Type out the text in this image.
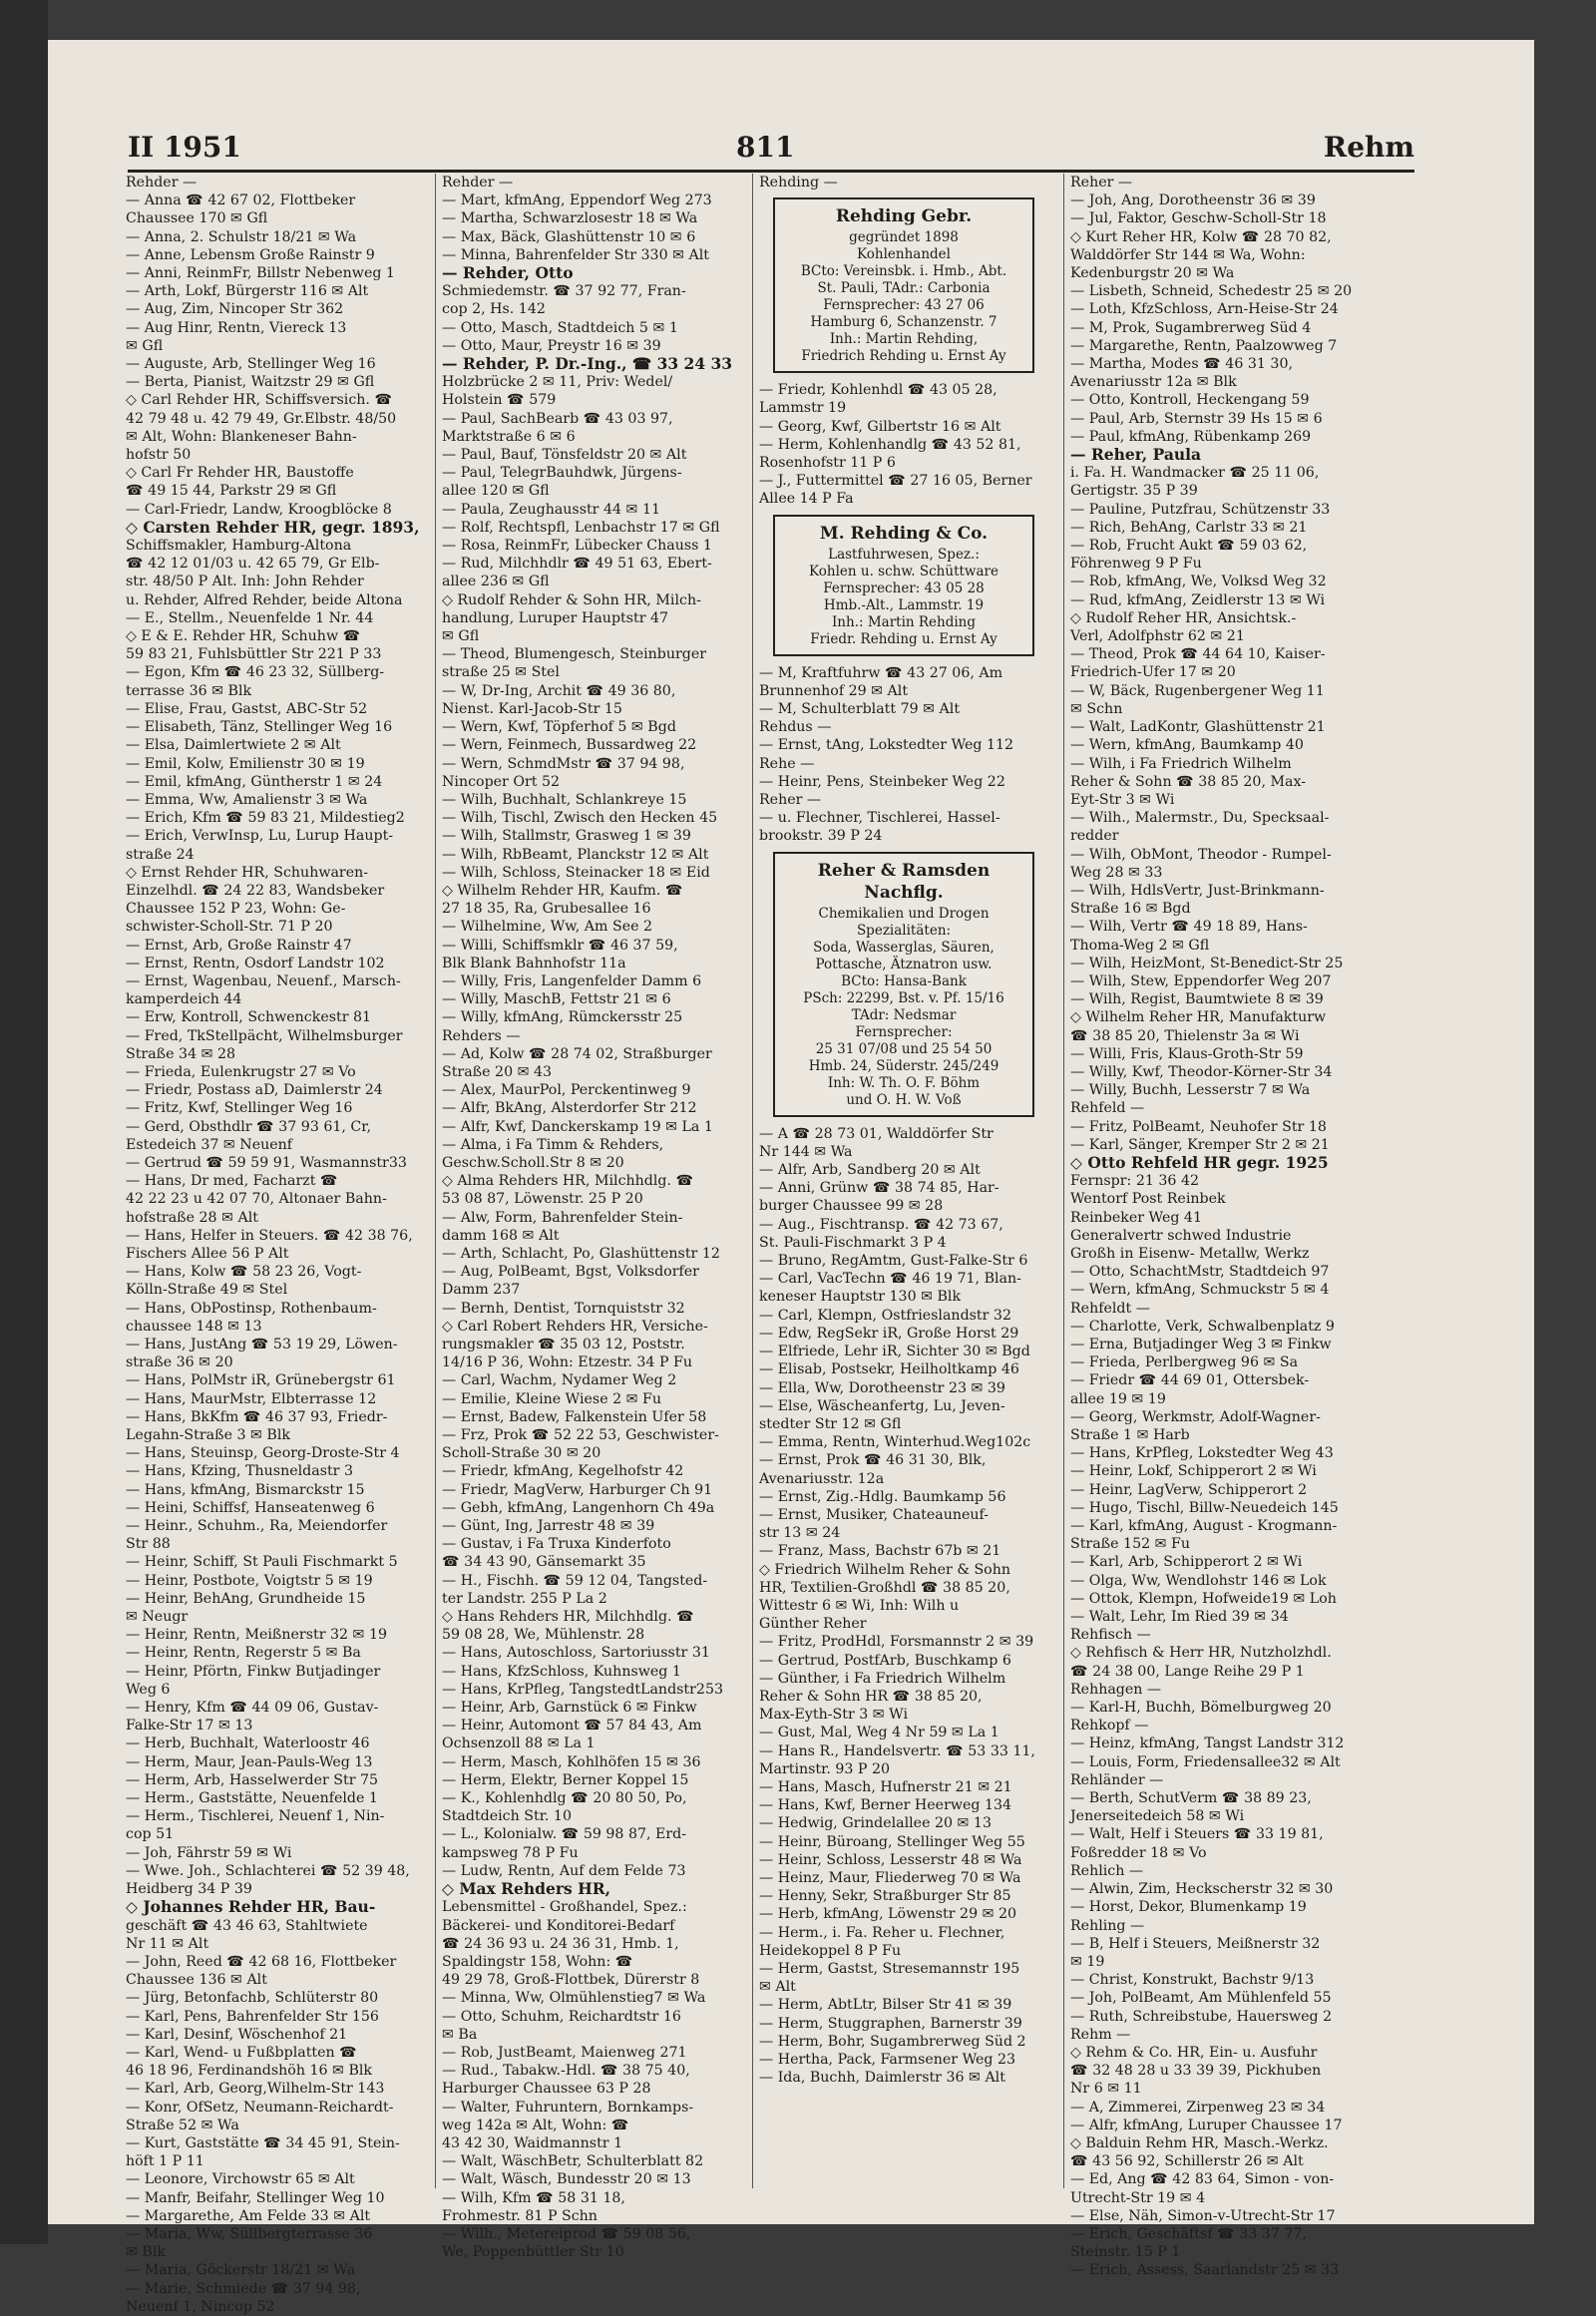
II 1951	811	Rehm
Rehder —
— Anna ☎ 42 67 02, Flottbeker
Chaussee 170 ✉ Gfl
— Anna, 2. Schulstr 18/21 ✉ Wa
— Anne, Lebensm Große Rainstr 9
— Anni, ReinmFr, Billstr Nebenweg 1
— Arth, Lokf, Bürgerstr 116 ✉ Alt
— Aug, Zim, Nincoper Str 362
— Aug Hinr, Rentn, Viereck 13
✉ Gfl
— Auguste, Arb, Stellinger Weg 16
— Berta, Pianist, Waitzstr 29 ✉ Gfl
◇ Carl Rehder HR, Schiffsversich. ☎
42 79 48 u. 42 79 49, Gr.Elbstr. 48/50
✉ Alt, Wohn: Blankeneser Bahn-
hofstr 50
◇ Carl Fr Rehder HR, Baustoffe
☎ 49 15 44, Parkstr 29 ✉ Gfl
— Carl-Friedr, Landw, Kroogblöcke 8
◇ Carsten Rehder HR, gegr. 1893,
Schiffsmakler, Hamburg-Altona
☎ 42 12 01/03 u. 42 65 79, Gr Elb-
str. 48/50 P Alt. Inh: John Rehder
u. Rehder, Alfred Rehder, beide Altona
— E., Stellm., Neuenfelde 1 Nr. 44
◇ E & E. Rehder HR, Schuhw ☎
59 83 21, Fuhlsbüttler Str 221 P 33
— Egon, Kfm ☎ 46 23 32, Süllberg-
terrasse 36 ✉ Blk
— Elise, Frau, Gastst, ABC-Str 52
— Elisabeth, Tänz, Stellinger Weg 16
— Elsa, Daimlertwiete 2 ✉ Alt
— Emil, Kolw, Emilienstr 30 ✉ 19
— Emil, kfmAng, Güntherstr 1 ✉ 24
— Emma, Ww, Amalienstr 3 ✉ Wa
— Erich, Kfm ☎ 59 83 21, Mildestieg2
— Erich, VerwInsp, Lu, Lurup Haupt-
straße 24
◇ Ernst Rehder HR, Schuhwaren-
Einzelhdl. ☎ 24 22 83, Wandsbeker
Chaussee 152 P 23, Wohn: Ge-
schwister-Scholl-Str. 71 P 20
— Ernst, Arb, Große Rainstr 47
— Ernst, Rentn, Osdorf Landstr 102
— Ernst, Wagenbau, Neuenf., Marsch-
kamperdeich 44
— Erw, Kontroll, Schwenckestr 81
— Fred, TkStellpächt, Wilhelmsburger
Straße 34 ✉ 28
— Frieda, Eulenkrugstr 27 ✉ Vo
— Friedr, Postass aD, Daimlerstr 24
— Fritz, Kwf, Stellinger Weg 16
— Gerd, Obsthdlr ☎ 37 93 61, Cr,
Estedeich 37 ✉ Neuenf
— Gertrud ☎ 59 59 91, Wasmannstr33
— Hans, Dr med, Facharzt ☎
42 22 23 u 42 07 70, Altonaer Bahn-
hofstraße 28 ✉ Alt
— Hans, Helfer in Steuers. ☎ 42 38 76,
Fischers Allee 56 P Alt
— Hans, Kolw ☎ 58 23 26, Vogt-
Kölln-Straße 49 ✉ Stel
— Hans, ObPostinsp, Rothenbaum-
chaussee 148 ✉ 13
— Hans, JustAng ☎ 53 19 29, Löwen-
straße 36 ✉ 20
— Hans, PolMstr iR, Grünebergstr 61
— Hans, MaurMstr, Elbterrasse 12
— Hans, BkKfm ☎ 46 37 93, Friedr-
Legahn-Straße 3 ✉ Blk
— Hans, Steuinsp, Georg-Droste-Str 4
— Hans, Kfzing, Thusneldastr 3
— Hans, kfmAng, Bismarckstr 15
— Heini, Schiffsf, Hanseatenweg 6
— Heinr., Schuhm., Ra, Meiendorfer
Str 88
— Heinr, Schiff, St Pauli Fischmarkt 5
— Heinr, Postbote, Voigtstr 5 ✉ 19
— Heinr, BehAng, Grundheide 15
✉ Neugr
— Heinr, Rentn, Meißnerstr 32 ✉ 19
— Heinr, Rentn, Regerstr 5 ✉ Ba
— Heinr, Pförtn, Finkw Butjadinger
Weg 6
— Henry, Kfm ☎ 44 09 06, Gustav-
Falke-Str 17 ✉ 13
— Herb, Buchhalt, Waterloostr 46
— Herm, Maur, Jean-Pauls-Weg 13
— Herm, Arb, Hasselwerder Str 75
— Herm., Gaststätte, Neuenfelde 1
— Herm., Tischlerei, Neuenf 1, Nin-
cop 51
— Joh, Fährstr 59 ✉ Wi
— Wwe. Joh., Schlachterei ☎ 52 39 48,
Heidberg 34 P 39
◇ Johannes Rehder HR, Bau-
geschäft ☎ 43 46 63, Stahltwiete
Nr 11 ✉ Alt
— John, Reed ☎ 42 68 16, Flottbeker
Chaussee 136 ✉ Alt
— Jürg, Betonfachb, Schlüterstr 80
— Karl, Pens, Bahrenfelder Str 156
— Karl, Desinf, Wöschenhof 21
— Karl, Wend- u Fußbplatten ☎
46 18 96, Ferdinandshöh 16 ✉ Blk
— Karl, Arb, Georg,Wilhelm-Str 143
— Konr, OfSetz, Neumann-Reichardt-
Straße 52 ✉ Wa
— Kurt, Gaststätte ☎ 34 45 91, Stein-
höft 1 P 11
— Leonore, Virchowstr 65 ✉ Alt
— Manfr, Beifahr, Stellinger Weg 10
— Margarethe, Am Felde 33 ✉ Alt
— Maria, Ww, Süllbergterrasse 36
✉ Blk
— Maria, Göckerstr 18/21 ✉ Wa
— Marie, Schmiede ☎ 37 94 98,
Neuenf 1, Nincop 52
Rehder —
— Mart, kfmAng, Eppendorf Weg 273
— Martha, Schwarzlosestr 18 ✉ Wa
— Max, Bäck, Glashüttenstr 10 ✉ 6
— Minna, Bahrenfelder Str 330 ✉ Alt
— Rehder, Otto
Schmiedemstr. ☎ 37 92 77, Fran-
cop 2, Hs. 142
— Otto, Masch, Stadtdeich 5 ✉ 1
— Otto, Maur, Preystr 16 ✉ 39
— Rehder, P. Dr.-Ing., ☎ 33 24 33
Holzbrücke 2 ✉ 11, Priv: Wedel/
Holstein ☎ 579
— Paul, SachBearb ☎ 43 03 97,
Marktstraße 6 ✉ 6
— Paul, Bauf, Tönsfeldstr 20 ✉ Alt
— Paul, TelegrBauhdwk, Jürgens-
allee 120 ✉ Gfl
— Paula, Zeughausstr 44 ✉ 11
— Rolf, Rechtspfl, Lenbachstr 17 ✉ Gfl
— Rosa, ReinmFr, Lübecker Chauss 1
— Rud, Milchhdlr ☎ 49 51 63, Ebert-
allee 236 ✉ Gfl
◇ Rudolf Rehder & Sohn HR, Milch-
handlung, Luruper Hauptstr 47
✉ Gfl
— Theod, Blumengesch, Steinburger
straße 25 ✉ Stel
— W, Dr-Ing, Archit ☎ 49 36 80,
Nienst. Karl-Jacob-Str 15
— Wern, Kwf, Töpferhof 5 ✉ Bgd
— Wern, Feinmech, Bussardweg 22
— Wern, SchmdMstr ☎ 37 94 98,
Nincoper Ort 52
— Wilh, Buchhalt, Schlankreye 15
— Wilh, Tischl, Zwisch den Hecken 45
— Wilh, Stallmstr, Grasweg 1 ✉ 39
— Wilh, RbBeamt, Planckstr 12 ✉ Alt
— Wilh, Schloss, Steinacker 18 ✉ Eid
◇ Wilhelm Rehder HR, Kaufm. ☎
27 18 35, Ra, Grubesallee 16
— Wilhelmine, Ww, Am See 2
— Willi, Schiffsmklr ☎ 46 37 59,
Blk Blank Bahnhofstr 11a
— Willy, Fris, Langenfelder Damm 6
— Willy, MaschB, Fettstr 21 ✉ 6
— Willy, kfmAng, Rümckersstr 25
Rehders —
— Ad, Kolw ☎ 28 74 02, Straßburger
Straße 20 ✉ 43
— Alex, MaurPol, Perckentinweg 9
— Alfr, BkAng, Alsterdorfer Str 212
— Alfr, Kwf, Danckerskamp 19 ✉ La 1
— Alma, i Fa Timm & Rehders,
Geschw.Scholl.Str 8 ✉ 20
◇ Alma Rehders HR, Milchhdlg. ☎
53 08 87, Löwenstr. 25 P 20
— Alw, Form, Bahrenfelder Stein-
damm 168 ✉ Alt
— Arth, Schlacht, Po, Glashüttenstr 12
— Aug, PolBeamt, Bgst, Volksdorfer
Damm 237
— Bernh, Dentist, Tornquiststr 32
◇ Carl Robert Rehders HR, Versiche-
rungsmakler ☎ 35 03 12, Poststr.
14/16 P 36, Wohn: Etzestr. 34 P Fu
— Carl, Wachm, Nydamer Weg 2
— Emilie, Kleine Wiese 2 ✉ Fu
— Ernst, Badew, Falkenstein Ufer 58
— Frz, Prok ☎ 52 22 53, Geschwister-
Scholl-Straße 30 ✉ 20
— Friedr, kfmAng, Kegelhofstr 42
— Friedr, MagVerw, Harburger Ch 91
— Gebh, kfmAng, Langenhorn Ch 49a
— Günt, Ing, Jarrestr 48 ✉ 39
— Gustav, i Fa Truxa Kinderfoto
☎ 34 43 90, Gänsemarkt 35
— H., Fischh. ☎ 59 12 04, Tangsted-
ter Landstr. 255 P La 2
◇ Hans Rehders HR, Milchhdlg. ☎
59 08 28, We, Mühlenstr. 28
— Hans, Autoschloss, Sartoriusstr 31
— Hans, KfzSchloss, Kuhnsweg 1
— Hans, KrPfleg, TangstedtLandstr253
— Heinr, Arb, Garnstück 6 ✉ Finkw
— Heinr, Automont ☎ 57 84 43, Am
Ochsenzoll 88 ✉ La 1
— Herm, Masch, Kohlhöfen 15 ✉ 36
— Herm, Elektr, Berner Koppel 15
— K., Kohlenhdlg ☎ 20 80 50, Po,
Stadtdeich Str. 10
— L., Kolonialw. ☎ 59 98 87, Erd-
kampsweg 78 P Fu
— Ludw, Rentn, Auf dem Felde 73
◇ Max Rehders HR,
Lebensmittel - Großhandel, Spez.:
Bäckerei- und Konditorei-Bedarf
☎ 24 36 93 u. 24 36 31, Hmb. 1,
Spaldingstr 158, Wohn: ☎
49 29 78, Groß-Flottbek, Dürerstr 8
— Minna, Ww, Olmühlenstieg7 ✉ Wa
— Otto, Schuhm, Reichardtstr 16
✉ Ba
— Rob, JustBeamt, Maienweg 271
— Rud., Tabakw.-Hdl. ☎ 38 75 40,
Harburger Chaussee 63 P 28
— Walter, Fuhruntern, Bornkamps-
weg 142a ✉ Alt, Wohn: ☎
43 42 30, Waidmannstr 1
— Walt, WäschBetr, Schulterblatt 82
— Walt, Wäsch, Bundesstr 20 ✉ 13
— Wilh, Kfm ☎ 58 31 18,
Frohmestr. 81 P Schn
— Wilh., Metereiprod ☎ 59 08 56,
We, Poppenbüttler Str 10
Rehding —
Rehding Gebr.
gegründet 1898
Kohlenhandel
BCto: Vereinsbk. i. Hmb., Abt.
St. Pauli, TAdr.: Carbonia
Fernsprecher: 43 27 06
Hamburg 6, Schanzenstr. 7
Inh.: Martin Rehding,
Friedrich Rehding u. Ernst Ay
— Friedr, Kohlenhdl ☎ 43 05 28,
Lammstr 19
— Georg, Kwf, Gilbertstr 16 ✉ Alt
— Herm, Kohlenhandlg ☎ 43 52 81,
Rosenhofstr 11 P 6
— J., Futtermittel ☎ 27 16 05, Berner
Allee 14 P Fa
M. Rehding & Co.
Lastfuhrwesen, Spez.:
Kohlen u. schw. Schüttware
Fernsprecher: 43 05 28
Hmb.-Alt., Lammstr. 19
Inh.: Martin Rehding
Friedr. Rehding u. Ernst Ay
— M, Kraftfuhrw ☎ 43 27 06, Am
Brunnenhof 29 ✉ Alt
— M, Schulterblatt 79 ✉ Alt
Rehdus —
— Ernst, tAng, Lokstedter Weg 112
Rehe —
— Heinr, Pens, Steinbeker Weg 22
Reher —
— u. Flechner, Tischlerei, Hassel-
brookstr. 39 P 24
Reher & Ramsden Nachflg.
Chemikalien und Drogen
Spezialitäten:
Soda, Wasserglas, Säuren,
Pottasche, Ätznatron usw.
BCto: Hansa-Bank
PSch: 22299, Bst. v. Pf. 15/16
TAdr: Nedsmar
Fernsprecher:
25 31 07/08 und 25 54 50
Hmb. 24, Süderstr. 245/249
Inh: W. Th. O. F. Böhm
und O. H. W. Voß
— A ☎ 28 73 01, Walddörfer Str
Nr 144 ✉ Wa
— Alfr, Arb, Sandberg 20 ✉ Alt
— Anni, Grünw ☎ 38 74 85, Har-
burger Chaussee 99 ✉ 28
— Aug., Fischtransp. ☎ 42 73 67,
St. Pauli-Fischmarkt 3 P 4
— Bruno, RegAmtm, Gust-Falke-Str 6
— Carl, VacTechn ☎ 46 19 71, Blan-
keneser Hauptstr 130 ✉ Blk
— Carl, Klempn, Ostfrieslandstr 32
— Edw, RegSekr iR, Große Horst 29
— Elfriede, Lehr iR, Sichter 30 ✉ Bgd
— Elisab, Postsekr, Heilholtkamp 46
— Ella, Ww, Dorotheenstr 23 ✉ 39
— Else, Wäscheanfertg, Lu, Jeven-
stedter Str 12 ✉ Gfl
— Emma, Rentn, Winterhud.Weg102c
— Ernst, Prok ☎ 46 31 30, Blk,
Avenariusstr. 12a
— Ernst, Zig.-Hdlg. Baumkamp 56
— Ernst, Musiker, Chateauneuf-
str 13 ✉ 24
— Franz, Mass, Bachstr 67b ✉ 21
◇ Friedrich Wilhelm Reher & Sohn
HR, Textilien-Großhdl ☎ 38 85 20,
Wittestr 6 ✉ Wi, Inh: Wilh u
Günther Reher
— Fritz, ProdHdl, Forsmannstr 2 ✉ 39
— Gertrud, PostfArb, Buschkamp 6
— Günther, i Fa Friedrich Wilhelm
Reher & Sohn HR ☎ 38 85 20,
Max-Eyth-Str 3 ✉ Wi
— Gust, Mal, Weg 4 Nr 59 ✉ La 1
— Hans R., Handelsvertr. ☎ 53 33 11,
Martinstr. 93 P 20
— Hans, Masch, Hufnerstr 21 ✉ 21
— Hans, Kwf, Berner Heerweg 134
— Hedwig, Grindelallee 20 ✉ 13
— Heinr, Büroang, Stellinger Weg 55
— Heinr, Schloss, Lesserstr 48 ✉ Wa
— Heinz, Maur, Fliederweg 70 ✉ Wa
— Henny, Sekr, Straßburger Str 85
— Herb, kfmAng, Löwenstr 29 ✉ 20
— Herm., i. Fa. Reher u. Flechner,
Heidekoppel 8 P Fu
— Herm, Gastst, Stresemannstr 195
✉ Alt
— Herm, AbtLtr, Bilser Str 41 ✉ 39
— Herm, Stuggraphen, Barnerstr 39
— Herm, Bohr, Sugambrerweg Süd 2
— Hertha, Pack, Farmsener Weg 23
— Ida, Buchh, Daimlerstr 36 ✉ Alt
Reher —
— Joh, Ang, Dorotheenstr 36 ✉ 39
— Jul, Faktor, Geschw-Scholl-Str 18
◇ Kurt Reher HR, Kolw ☎ 28 70 82,
Walddörfer Str 144 ✉ Wa, Wohn:
Kedenburgstr 20 ✉ Wa
— Lisbeth, Schneid, Schedestr 25 ✉ 20
— Loth, KfzSchloss, Arn-Heise-Str 24
— M, Prok, Sugambrerweg Süd 4
— Margarethe, Rentn, Paalzowweg 7
— Martha, Modes ☎ 46 31 30,
Avenariusstr 12a ✉ Blk
— Otto, Kontroll, Heckengang 59
— Paul, Arb, Sternstr 39 Hs 15 ✉ 6
— Paul, kfmAng, Rübenkamp 269
— Reher, Paula
i. Fa. H. Wandmacker ☎ 25 11 06,
Gertigstr. 35 P 39
— Pauline, Putzfrau, Schützenstr 33
— Rich, BehAng, Carlstr 33 ✉ 21
— Rob, Frucht Aukt ☎ 59 03 62,
Föhrenweg 9 P Fu
— Rob, kfmAng, We, Volksd Weg 32
— Rud, kfmAng, Zeidlerstr 13 ✉ Wi
◇ Rudolf Reher HR, Ansichtsk.-
Verl, Adolfphstr 62 ✉ 21
— Theod, Prok ☎ 44 64 10, Kaiser-
Friedrich-Ufer 17 ✉ 20
— W, Bäck, Rugenbergener Weg 11
✉ Schn
— Walt, LadKontr, Glashüttenstr 21
— Wern, kfmAng, Baumkamp 40
— Wilh, i Fa Friedrich Wilhelm
Reher & Sohn ☎ 38 85 20, Max-
Eyt-Str 3 ✉ Wi
— Wilh., Malermstr., Du, Specksaal-
redder
— Wilh, ObMont, Theodor - Rumpel-
Weg 28 ✉ 33
— Wilh, HdlsVertr, Just-Brinkmann-
Straße 16 ✉ Bgd
— Wilh, Vertr ☎ 49 18 89, Hans-
Thoma-Weg 2 ✉ Gfl
— Wilh, HeizMont, St-Benedict-Str 25
— Wilh, Stew, Eppendorfer Weg 207
— Wilh, Regist, Baumtwiete 8 ✉ 39
◇ Wilhelm Reher HR, Manufakturw
☎ 38 85 20, Thielenstr 3a ✉ Wi
— Willi, Fris, Klaus-Groth-Str 59
— Willy, Kwf, Theodor-Körner-Str 34
— Willy, Buchh, Lesserstr 7 ✉ Wa
Rehfeld —
— Fritz, PolBeamt, Neuhofer Str 18
— Karl, Sänger, Kremper Str 2 ✉ 21
◇ Otto Rehfeld HR gegr. 1925
Fernspr: 21 36 42
Wentorf Post Reinbek
Reinbeker Weg 41
Generalvertr schwed Industrie
Großh in Eisenw- Metallw, Werkz
— Otto, SchachtMstr, Stadtdeich 97
— Wern, kfmAng, Schmuckstr 5 ✉ 4
Rehfeldt —
— Charlotte, Verk, Schwalbenplatz 9
— Erna, Butjadinger Weg 3 ✉ Finkw
— Frieda, Perlbergweg 96 ✉ Sa
— Friedr ☎ 44 69 01, Ottersbek-
allee 19 ✉ 19
— Georg, Werkmstr, Adolf-Wagner-
Straße 1 ✉ Harb
— Hans, KrPfleg, Lokstedter Weg 43
— Heinr, Lokf, Schipperort 2 ✉ Wi
— Heinr, LagVerw, Schipperort 2
— Hugo, Tischl, Billw-Neuedeich 145
— Karl, kfmAng, August - Krogmann-
Straße 152 ✉ Fu
— Karl, Arb, Schipperort 2 ✉ Wi
— Olga, Ww, Wendlohstr 146 ✉ Lok
— Ottok, Klempn, Hofweide19 ✉ Loh
— Walt, Lehr, Im Ried 39 ✉ 34
Rehfisch —
◇ Rehfisch & Herr HR, Nutzholzhdl.
☎ 24 38 00, Lange Reihe 29 P 1
Rehhagen —
— Karl-H, Buchh, Bömelburgweg 20
Rehkopf —
— Heinz, kfmAng, Tangst Landstr 312
— Louis, Form, Friedensallee32 ✉ Alt
Rehländer —
— Berth, SchutVerm ☎ 38 89 23,
Jenerseitedeich 58 ✉ Wi
— Walt, Helf i Steuers ☎ 33 19 81,
Foßredder 18 ✉ Vo
Rehlich —
— Alwin, Zim, Heckscherstr 32 ✉ 30
— Horst, Dekor, Blumenkamp 19
Rehling —
— B, Helf i Steuers, Meißnerstr 32
✉ 19
— Christ, Konstrukt, Bachstr 9/13
— Joh, PolBeamt, Am Mühlenfeld 55
— Ruth, Schreibstube, Hauersweg 2
Rehm —
◇ Rehm & Co. HR, Ein- u. Ausfuhr
☎ 32 48 28 u 33 39 39, Pickhuben
Nr 6 ✉ 11
— A, Zimmerei, Zirpenweg 23 ✉ 34
— Alfr, kfmAng, Luruper Chaussee 17
◇ Balduin Rehm HR, Masch.-Werkz.
☎ 43 56 92, Schillerstr 26 ✉ Alt
— Ed, Ang ☎ 42 83 64, Simon - von-
Utrecht-Str 19 ✉ 4
— Else, Näh, Simon-v-Utrecht-Str 17
— Erich, Geschäftsf ☎ 33 37 77,
Steinstr. 15 P 1
— Erich, Assess, Saarlandstr 25 ✉ 33
